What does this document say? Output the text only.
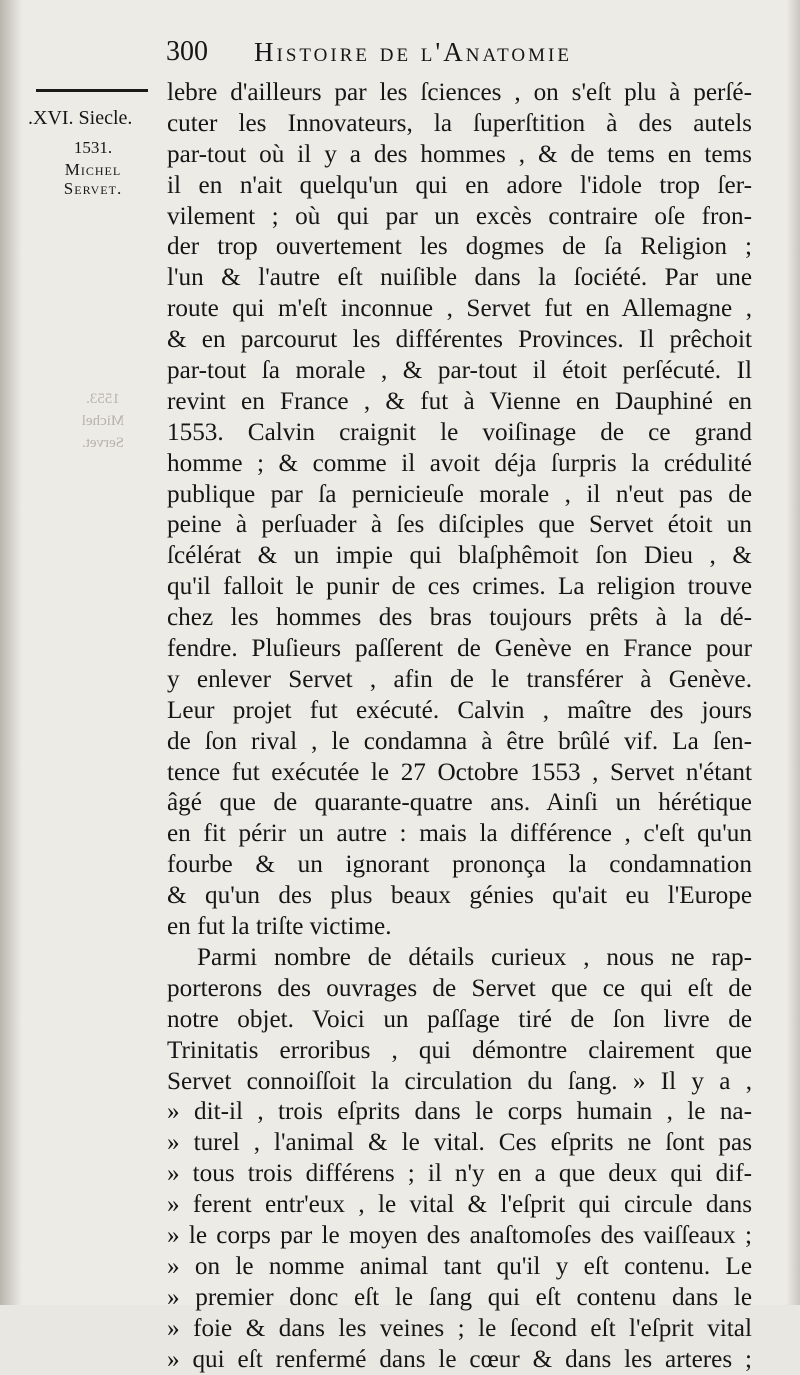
300 Histoire de l'Anatomie
.XVI. Siecle.
1531.
Michel
Servet.
1553.
Michel
Servet.
lebre d'ailleurs par les ſciences , on s'eſt plu à perſé-
cuter les Innovateurs, la ſuperſtition à des autels
par-tout où il y a des hommes , & de tems en tems
il en n'ait quelqu'un qui en adore l'idole trop ſer-
vilement ; où qui par un excès contraire oſe fron-
der trop ouvertement les dogmes de ſa Religion ;
l'un & l'autre eſt nuiſible dans la ſociété. Par une
route qui m'eſt inconnue , Servet fut en Allemagne ,
& en parcourut les différentes Provinces. Il prêchoit
par-tout ſa morale , & par-tout il étoit perſécuté. Il
revint en France , & fut à Vienne en Dauphiné en
1553. Calvin craignit le voiſinage de ce grand
homme ; & comme il avoit déja ſurpris la crédulité
publique par ſa pernicieuſe morale , il n'eut pas de
peine à perſuader à ſes diſciples que Servet étoit un
ſcélérat & un impie qui blaſphêmoit ſon Dieu , &
qu'il falloit le punir de ces crimes. La religion trouve
chez les hommes des bras toujours prêts à la dé-
fendre. Pluſieurs paſſerent de Genève en France pour
y enlever Servet , afin de le transférer à Genève.
Leur projet fut exécuté. Calvin , maître des jours
de ſon rival , le condamna à être brûlé vif. La ſen-
tence fut exécutée le 27 Octobre 1553 , Servet n'étant
âgé que de quarante-quatre ans. Ainſi un hérétique
en fit périr un autre : mais la différence , c'eſt qu'un
fourbe & un ignorant prononça la condamnation
& qu'un des plus beaux génies qu'ait eu l'Europe
en fut la triſte victime.
Parmi nombre de détails curieux , nous ne rap-
porterons des ouvrages de Servet que ce qui eſt de
notre objet. Voici un paſſage tiré de ſon livre de
Trinitatis erroribus , qui démontre clairement que
Servet connoiſſoit la circulation du ſang. » Il y a ,
» dit-il , trois eſprits dans le corps humain , le na-
» turel , l'animal & le vital. Ces eſprits ne ſont pas
» tous trois différens ; il n'y en a que deux qui dif-
» ferent entr'eux , le vital & l'eſprit qui circule dans
» le corps par le moyen des anaſtomoſes des vaiſſeaux ;
» on le nomme animal tant qu'il y eſt contenu. Le
» premier donc eſt le ſang qui eſt contenu dans le
» foie & dans les veines ; le ſecond eſt l'eſprit vital
» qui eſt renfermé dans le cœur & dans les arteres ;
